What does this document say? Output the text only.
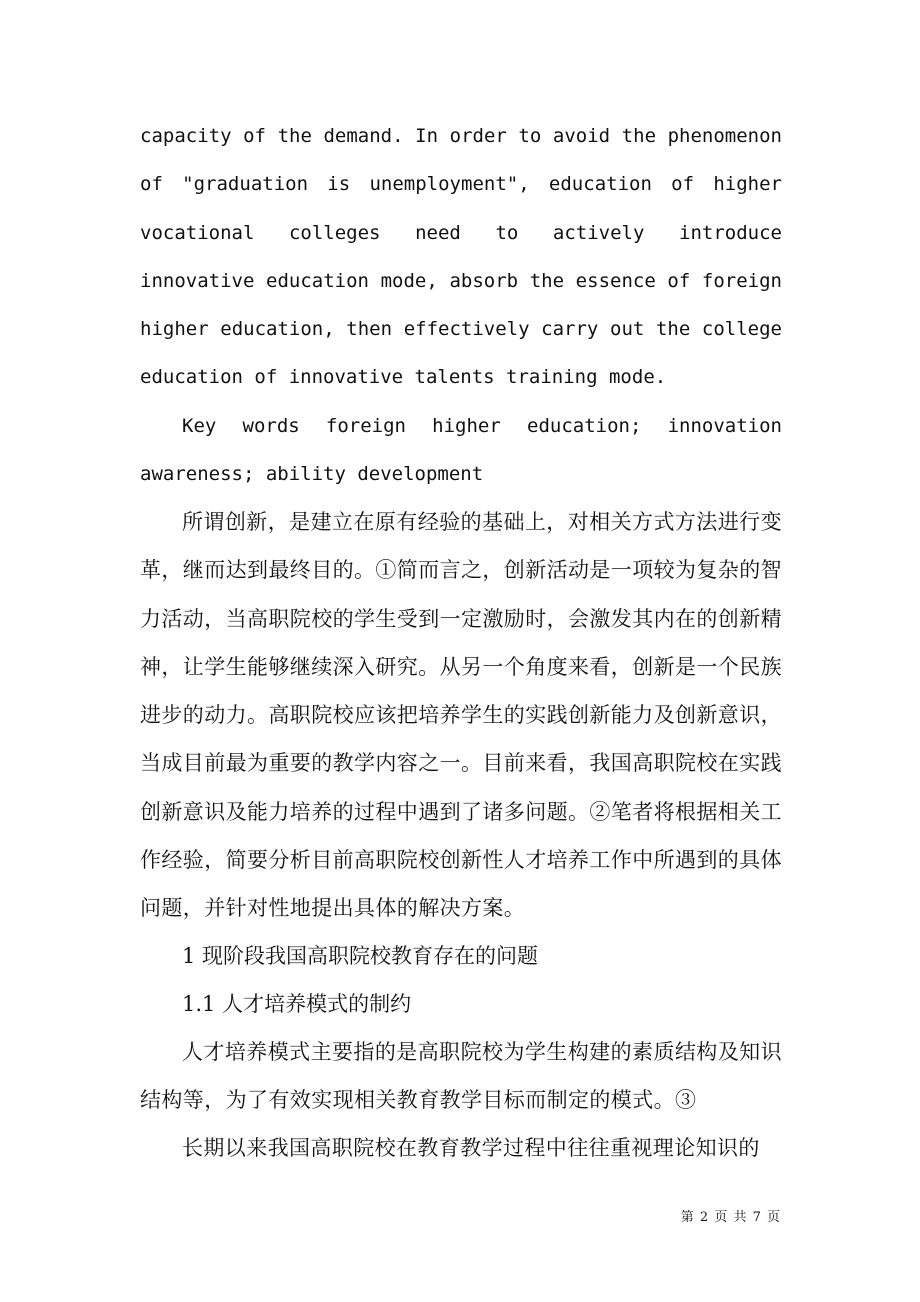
capacity of the demand. In order to avoid the phenomenon of "graduation is unemployment", education of higher vocational colleges need to actively introduce innovative education mode, absorb the essence of foreign higher education, then effectively carry out the college education of innovative talents training mode.

Key words foreign higher education; innovation awareness; ability development

所谓创新，是建立在原有经验的基础上，对相关方式方法进行变革，继而达到最终目的。①简而言之，创新活动是一项较为复杂的智力活动，当高职院校的学生受到一定激励时，会激发其内在的创新精神，让学生能够继续深入研究。从另一个角度来看，创新是一个民族进步的动力。高职院校应该把培养学生的实践创新能力及创新意识，当成目前最为重要的教学内容之一。目前来看，我国高职院校在实践创新意识及能力培养的过程中遇到了诸多问题。②笔者将根据相关工作经验，简要分析目前高职院校创新性人才培养工作中所遇到的具体问题，并针对性地提出具体的解决方案。

1 现阶段我国高职院校教育存在的问题

1.1 人才培养模式的制约

人才培养模式主要指的是高职院校为学生构建的素质结构及知识结构等，为了有效实现相关教育教学目标而制定的模式。③

长期以来我国高职院校在教育教学过程中往往重视理论知识的

第 2 页 共 7 页
